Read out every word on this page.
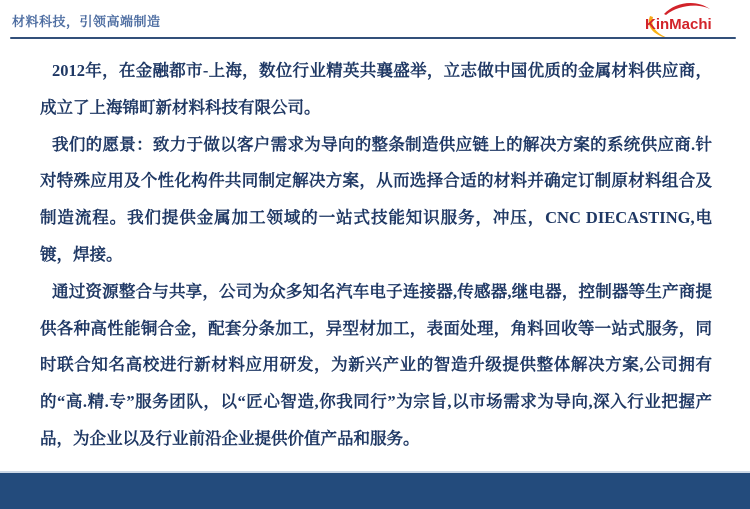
材料科技，引领高端制造	KinMachi

2012年，在金融都市-上海，数位行业精英共襄盛举，立志做中国优质的金属材料供应商，成立了上海锦町新材料科技有限公司。

我们的愿景：致力于做以客户需求为导向的整条制造供应链上的解决方案的系统供应商.针对特殊应用及个性化构件共同制定解决方案，从而选择合适的材料并确定订制原材料组合及制造流程。我们提供金属加工领域的一站式技能知识服务，冲压，CNC DIECASTING,电镀，焊接。

通过资源整合与共享，公司为众多知名汽车电子连接器,传感器,继电器，控制器等生产商提供各种高性能铜合金，配套分条加工，异型材加工，表面处理，角料回收等一站式服务，同时联合知名高校进行新材料应用研发，为新兴产业的智造升级提供整体解决方案,公司拥有的“高.精.专”服务团队，以“匠心智造,你我同行”为宗旨,以市场需求为导向,深入行业把握产品，为企业以及行业前沿企业提供价值产品和服务。
